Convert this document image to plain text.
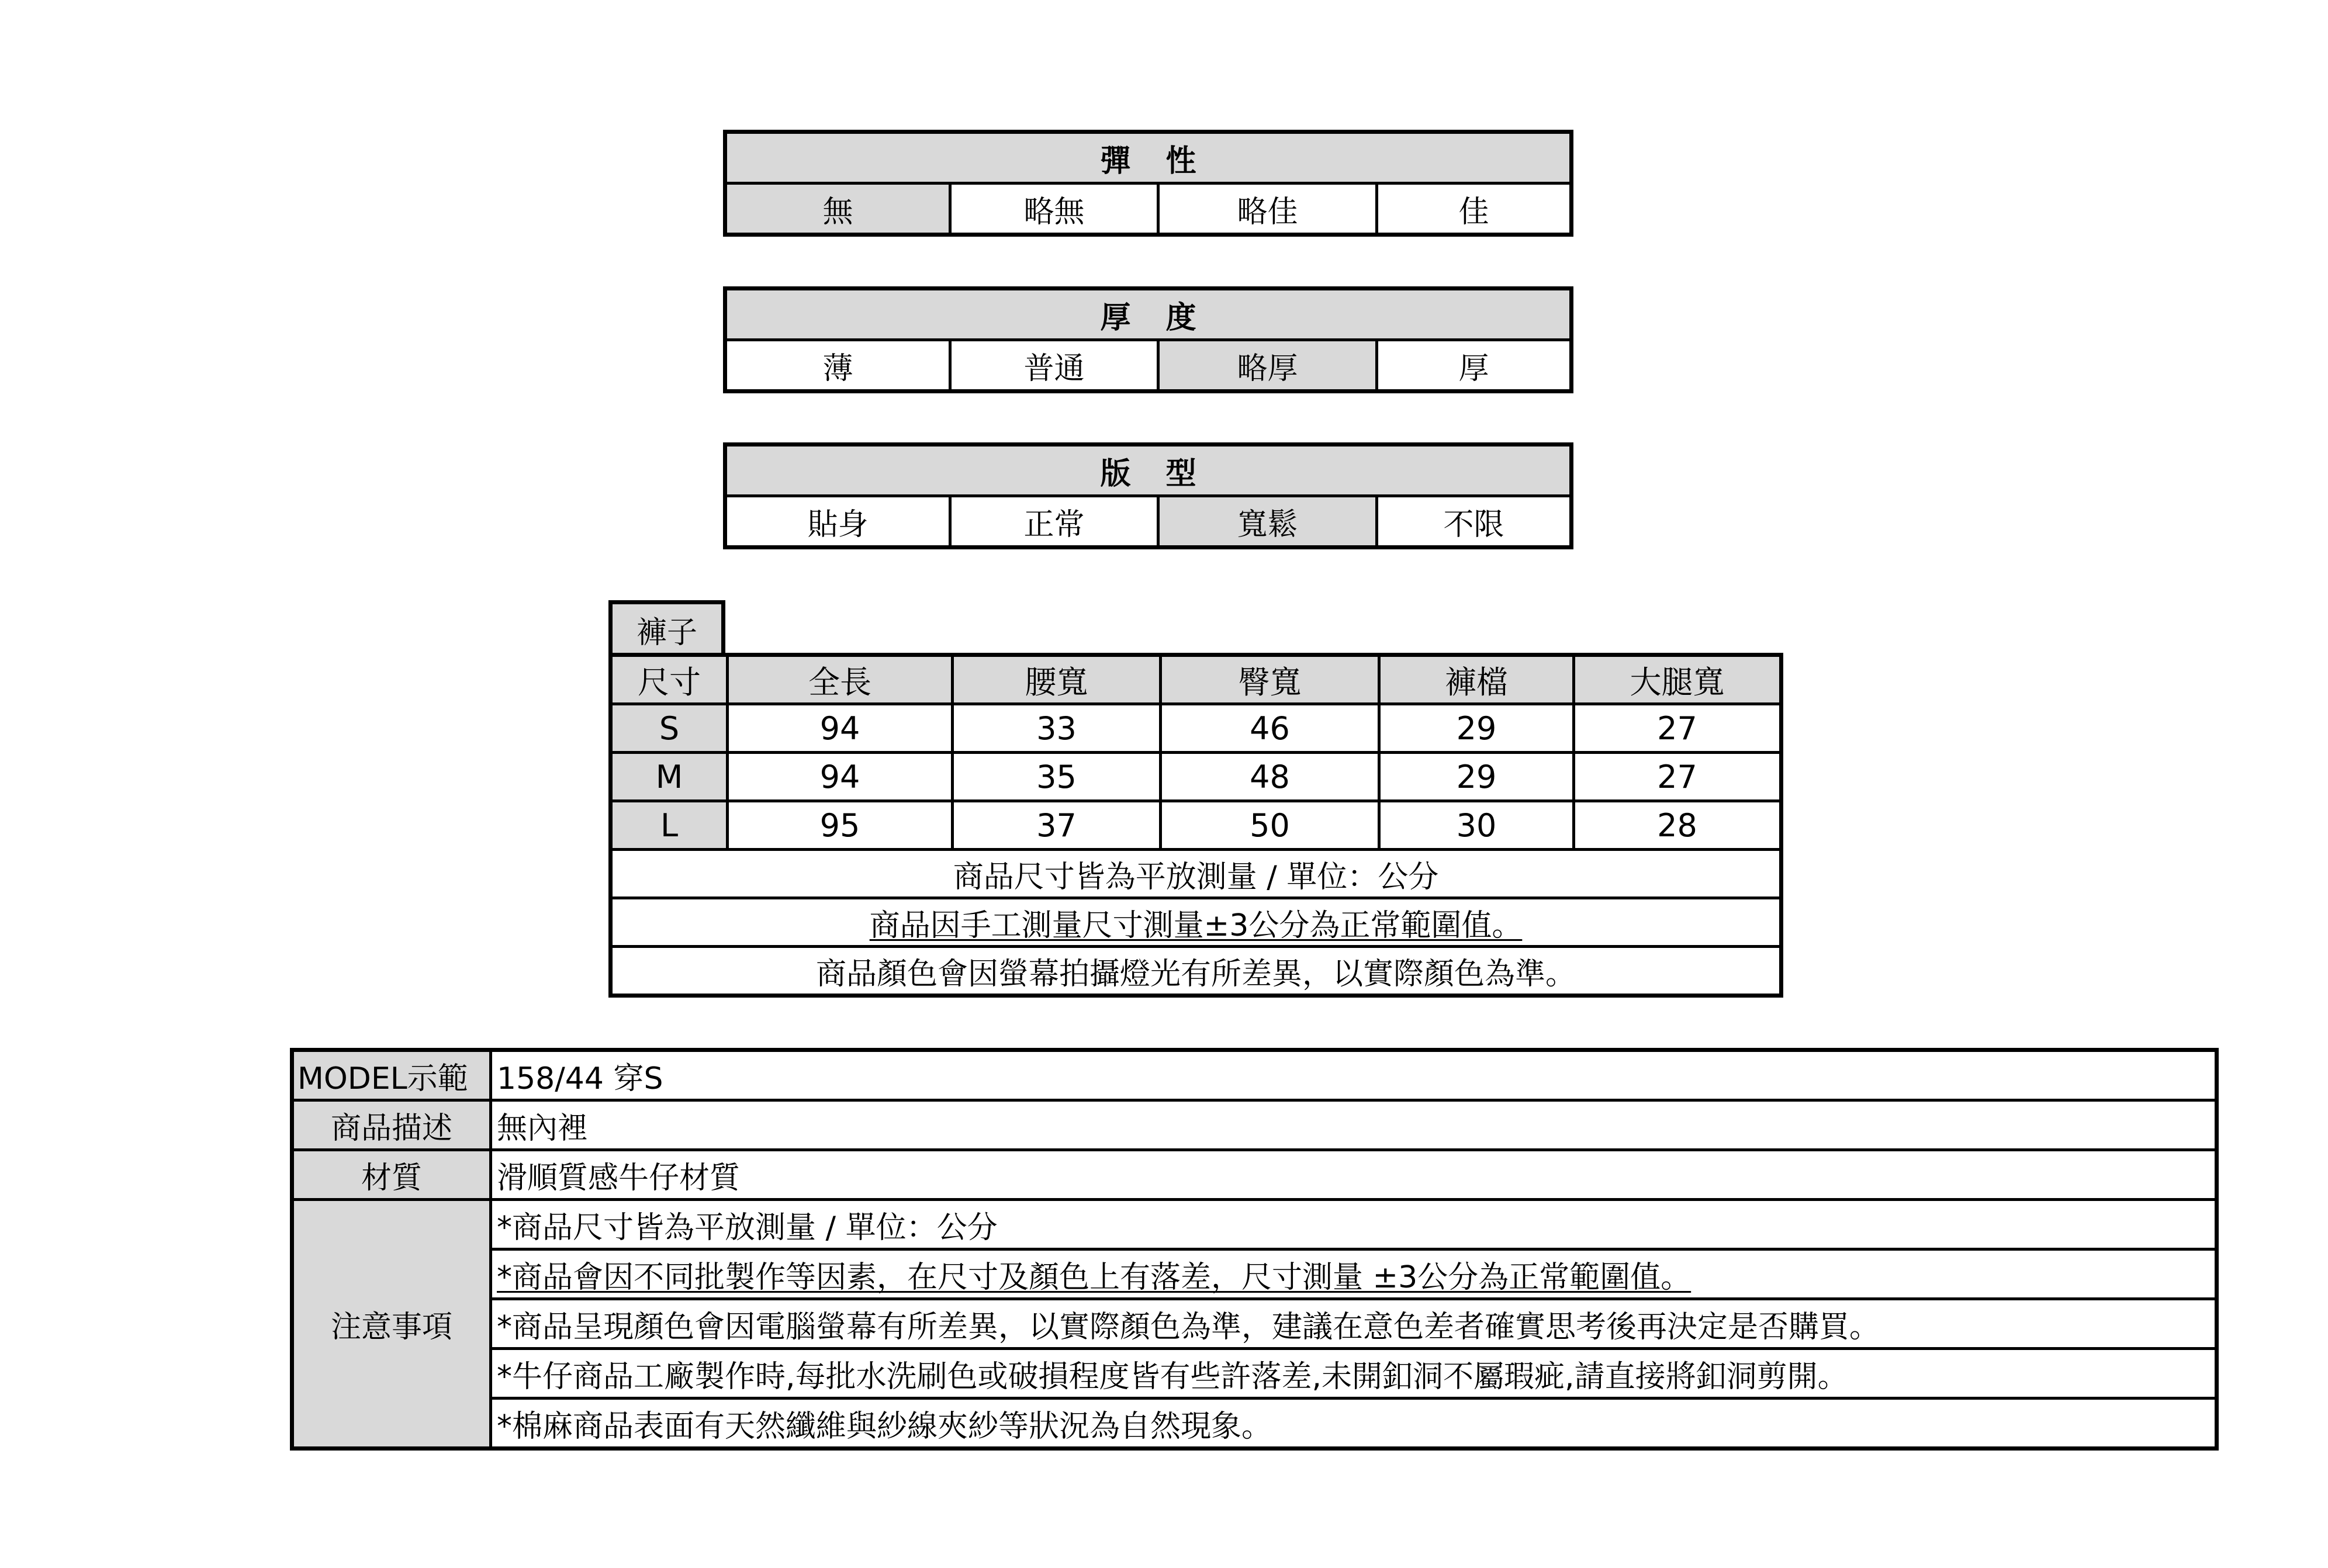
彈性
無	略無	略佳	佳
厚度
薄	普通	略厚	厚
版型
貼身	正常	寬鬆	不限
褲子
尺寸	全長	腰寬	臀寬	褲檔	大腿寬
S	94	33	46	29	27
M	94	35	48	29	27
L	95	37	50	30	28
商品尺寸皆為平放測量 / 單位：公分					
商品因手工測量尺寸測量±3公分為正常範圍值。					
商品顏色會因螢幕拍攝燈光有所差異，以實際顏色為準。					
MODEL示範	158/44 穿S
商品描述	無內裡
材質	滑順質感牛仔材質
注意事項	*商品尺寸皆為平放測量 / 單位：公分
	*商品會因不同批製作等因素，在尺寸及顏色上有落差，尺寸測量 ±3公分為正常範圍值。
	*商品呈現顏色會因電腦螢幕有所差異，以實際顏色為準，建議在意色差者確實思考後再決定是否購買。
	*牛仔商品工廠製作時,每批水洗刷色或破損程度皆有些許落差,未開釦洞不屬瑕疵,請直接將釦洞剪開。
	*棉麻商品表面有天然纖維與紗線夾紗等狀況為自然現象。
